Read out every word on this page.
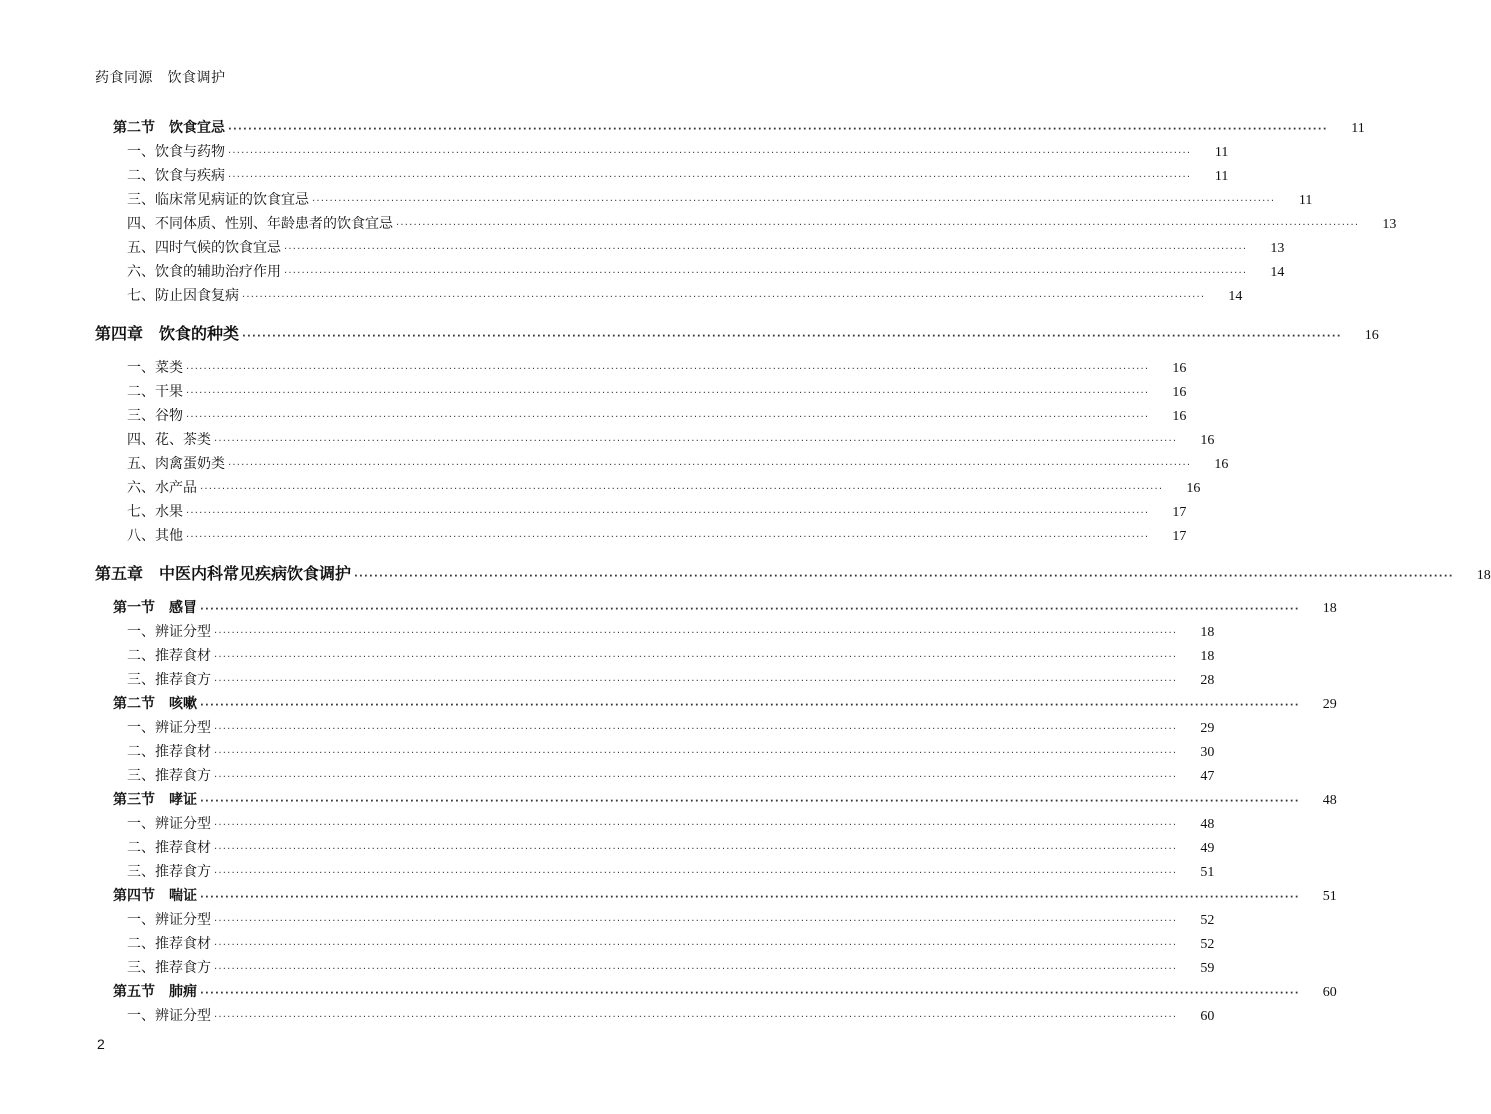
药食同源　饮食调护
第二节　饮食宜忌 ····························································································································································································································	11
一、饮食与药物 ····························································································································································································································	11
二、饮食与疾病 ····························································································································································································································	11
三、临床常见病证的饮食宜忌 ····························································································································································································································	11
四、不同体质、性别、年龄患者的饮食宜忌 ····························································································································································································································	13
五、四时气候的饮食宜忌 ····························································································································································································································	13
六、饮食的辅助治疗作用 ····························································································································································································································	14
七、防止因食复病 ····························································································································································································································	14
第四章　饮食的种类 ····························································································································································································································	16
一、菜类 ····························································································································································································································	16
二、干果 ····························································································································································································································	16
三、谷物 ····························································································································································································································	16
四、花、茶类 ····························································································································································································································	16
五、肉禽蛋奶类 ····························································································································································································································	16
六、水产品 ····························································································································································································································	16
七、水果 ····························································································································································································································	17
八、其他 ····························································································································································································································	17
第五章　中医内科常见疾病饮食调护 ····························································································································································································································	18
第一节　感冒 ····························································································································································································································	18
一、辨证分型 ····························································································································································································································	18
二、推荐食材 ····························································································································································································································	18
三、推荐食方 ····························································································································································································································	28
第二节　咳嗽 ····························································································································································································································	29
一、辨证分型 ····························································································································································································································	29
二、推荐食材 ····························································································································································································································	30
三、推荐食方 ····························································································································································································································	47
第三节　哮证 ····························································································································································································································	48
一、辨证分型 ····························································································································································································································	48
二、推荐食材 ····························································································································································································································	49
三、推荐食方 ····························································································································································································································	51
第四节　喘证 ····························································································································································································································	51
一、辨证分型 ····························································································································································································································	52
二、推荐食材 ····························································································································································································································	52
三、推荐食方 ····························································································································································································································	59
第五节　肺痈 ····························································································································································································································	60
一、辨证分型 ····························································································································································································································	60
2
